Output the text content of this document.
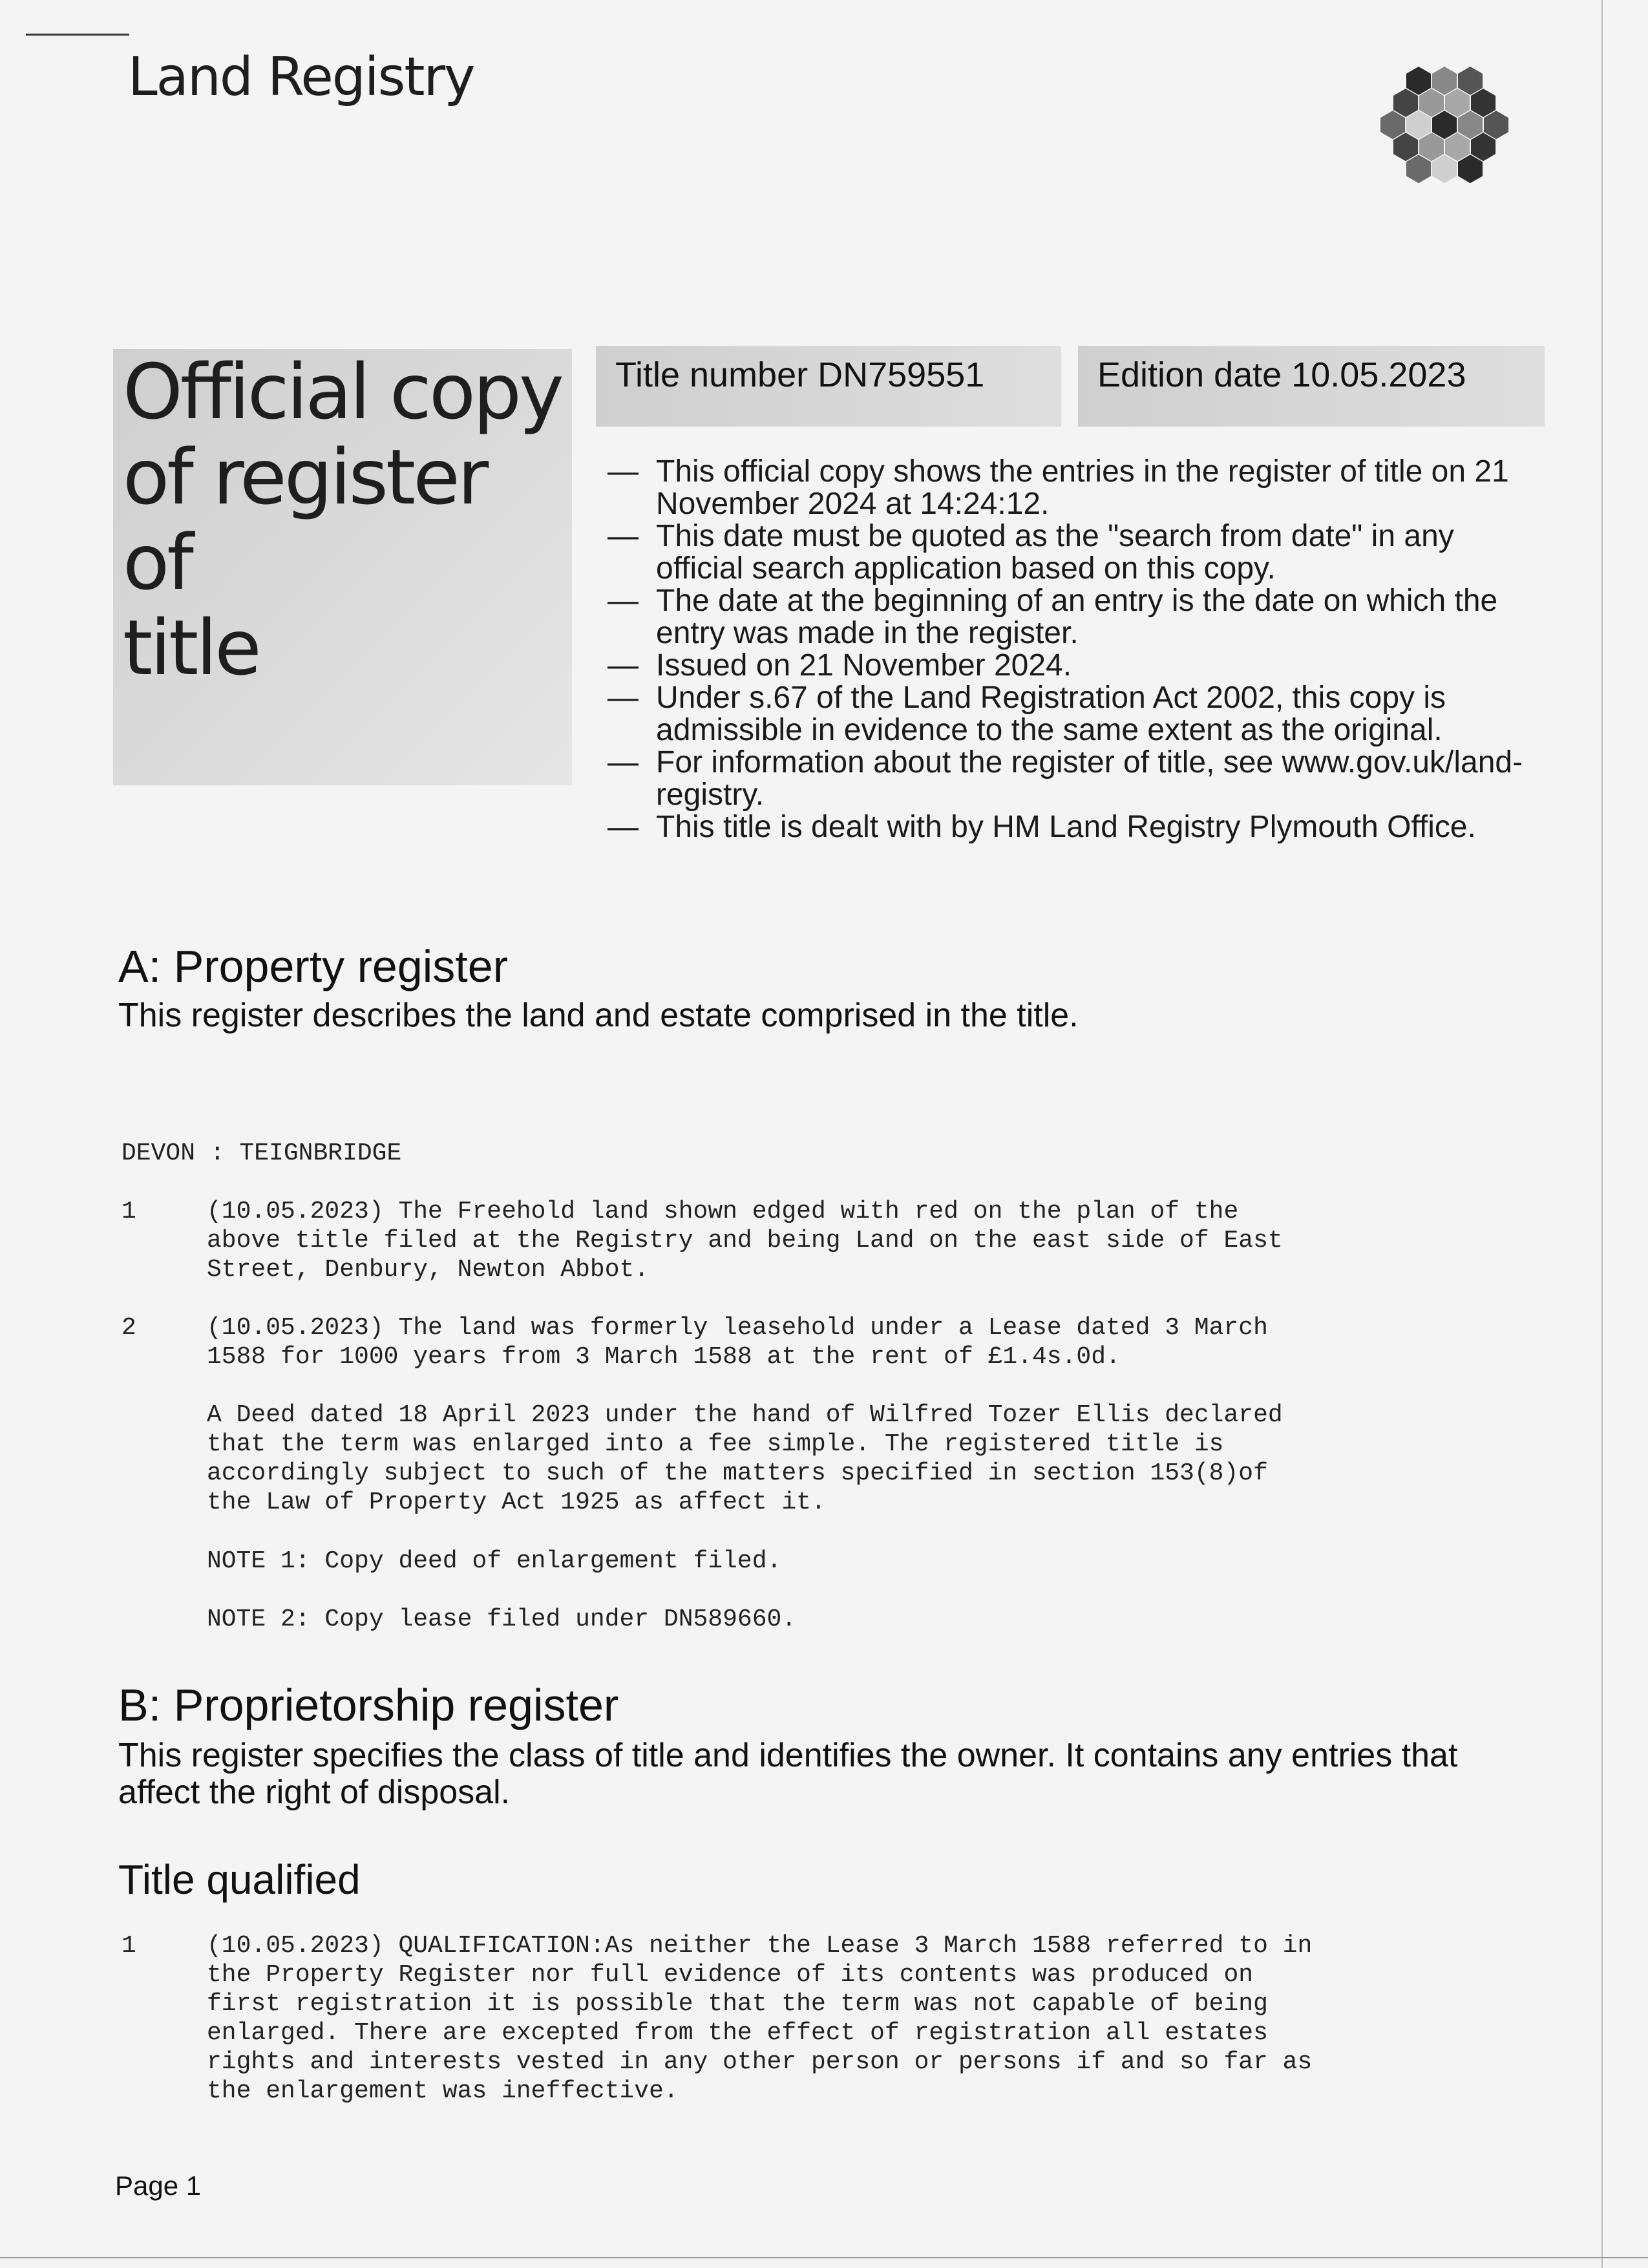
Land Registry
Official copy
of register of
title
Title number DN759551	Edition date 10.05.2023
— This official copy shows the entries in the register of title on 21 November 2024 at 14:24:12.
— This date must be quoted as the "search from date" in any official search application based on this copy.
— The date at the beginning of an entry is the date on which the entry was made in the register.
— Issued on 21 November 2024.
— Under s.67 of the Land Registration Act 2002, this copy is admissible in evidence to the same extent as the original.
— For information about the register of title, see www.gov.uk/land-registry.
— This title is dealt with by HM Land Registry Plymouth Office.
A: Property register
This register describes the land and estate comprised in the title.
DEVON : TEIGNBRIDGE
1	(10.05.2023) The Freehold land shown edged with red on the plan of the
above title filed at the Registry and being Land on the east side of East
Street, Denbury, Newton Abbot.
2	(10.05.2023) The land was formerly leasehold under a Lease dated 3 March
1588 for 1000 years from 3 March 1588 at the rent of £1.4s.0d.
A Deed dated 18 April 2023 under the hand of Wilfred Tozer Ellis declared
that the term was enlarged into a fee simple. The registered title is
accordingly subject to such of the matters specified in section 153(8)of
the Law of Property Act 1925 as affect it.
NOTE 1: Copy deed of enlargement filed.
NOTE 2: Copy lease filed under DN589660.
B: Proprietorship register
This register specifies the class of title and identifies the owner. It contains any entries that affect the right of disposal.
Title qualified
1	(10.05.2023) QUALIFICATION:As neither the Lease 3 March 1588 referred to in
the Property Register nor full evidence of its contents was produced on
first registration it is possible that the term was not capable of being
enlarged. There are excepted from the effect of registration all estates
rights and interests vested in any other person or persons if and so far as
the enlargement was ineffective.
Page 1
